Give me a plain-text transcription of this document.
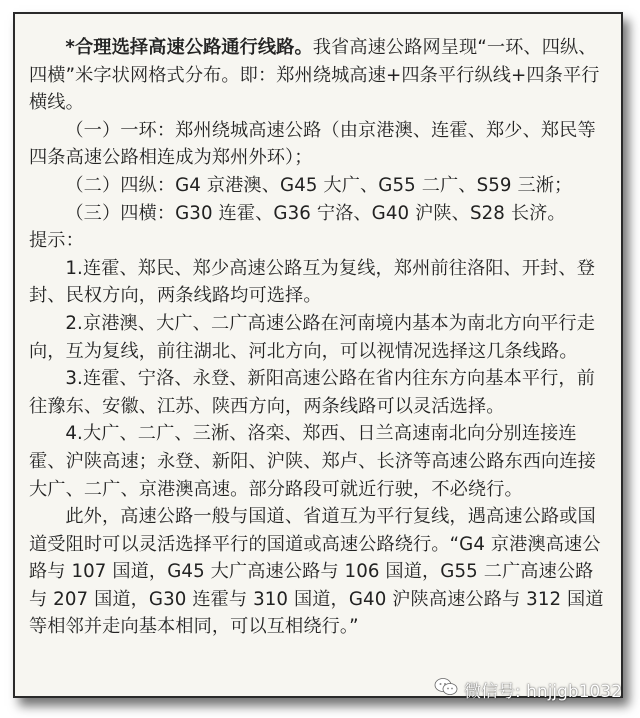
*合理选择高速公路通行线路。我省高速公路网呈现“一环、四纵、四横”米字状网格式分布。即：郑州绕城高速+四条平行纵线+四条平行横线。

（一）一环：郑州绕城高速公路（由京港澳、连霍、郑少、郑民等四条高速公路相连成为郑州外环）；

（二）四纵：G4 京港澳、G45 大广、G55 二广、S59 三淅；

（三）四横：G30 连霍、G36 宁洛、G40 沪陕、S28 长济。

提示：

1.连霍、郑民、郑少高速公路互为复线，郑州前往洛阳、开封、登封、民权方向，两条线路均可选择。

2.京港澳、大广、二广高速公路在河南境内基本为南北方向平行走向，互为复线，前往湖北、河北方向，可以视情况选择这几条线路。

3.连霍、宁洛、永登、新阳高速公路在省内往东方向基本平行，前往豫东、安徽、江苏、陕西方向，两条线路可以灵活选择。

4.大广、二广、三淅、洛栾、郑西、日兰高速南北向分别连接连霍、沪陕高速；永登、新阳、沪陕、郑卢、长济等高速公路东西向连接大广、二广、京港澳高速。部分路段可就近行驶，不必绕行。

此外，高速公路一般与国道、省道互为平行复线，遇高速公路或国道受阻时可以灵活选择平行的国道或高速公路绕行。“G4 京港澳高速公路与 107 国道，G45 大广高速公路与 106 国道，G55 二广高速公路与 207 国道，G30 连霍与 310 国道，G40 沪陕高速公路与 312 国道等相邻并走向基本相同，可以互相绕行。”

微信号: hnjjgb1032
